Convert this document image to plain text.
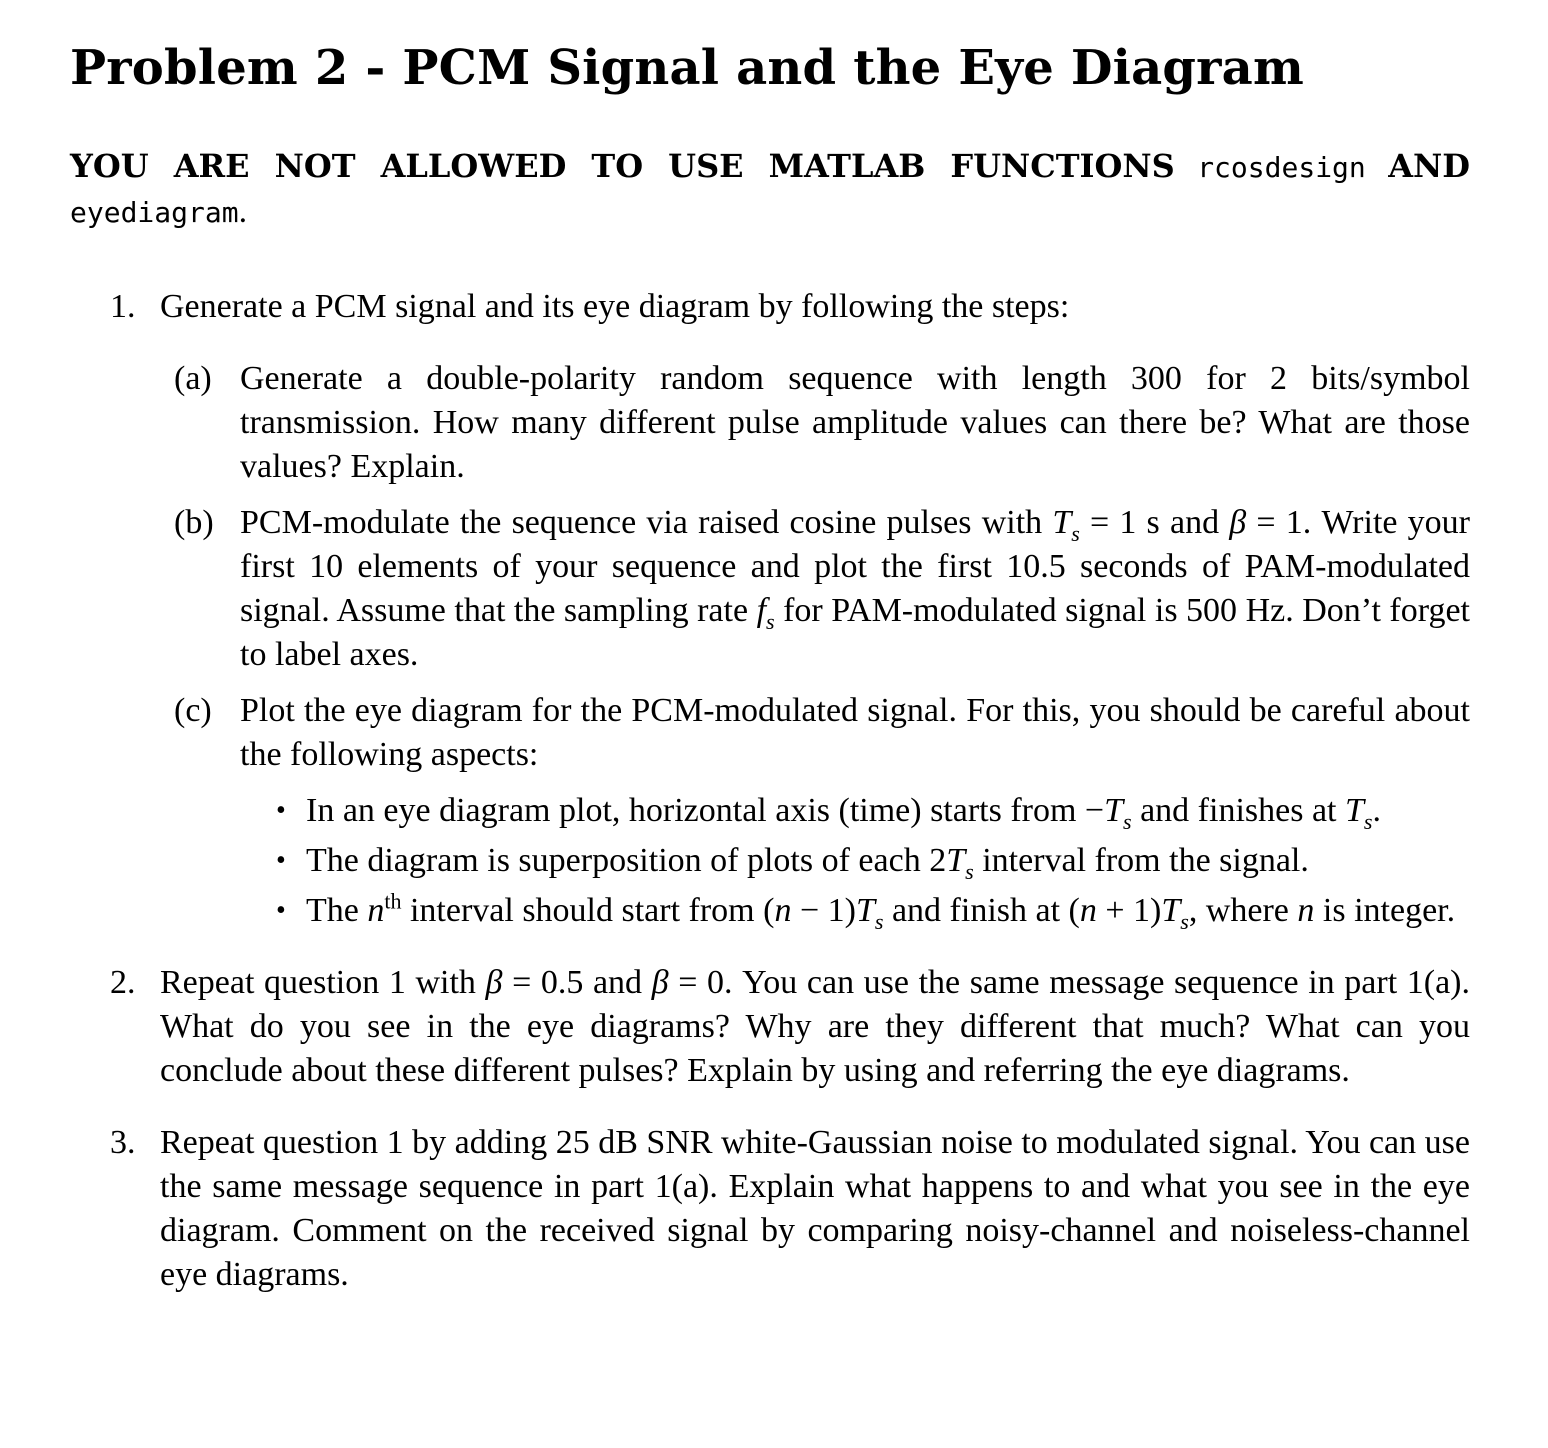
Problem 2 - PCM Signal and the Eye Diagram
YOU ARE NOT ALLOWED TO USE MATLAB FUNCTIONS rcosdesign AND eyediagram.
1. Generate a PCM signal and its eye diagram by following the steps:
(a) Generate a double-polarity random sequence with length 300 for 2 bits/symbol transmission. How many different pulse amplitude values can there be? What are those values? Explain.
(b) PCM-modulate the sequence via raised cosine pulses with $T_s = 1$ s and β = 1. Write your first 10 elements of your sequence and plot the first 10.5 seconds of PAM-modulated signal. Assume that the sampling rate $f_s$ for PAM-modulated signal is 500 Hz. Don’t forget to label axes.
(c) Plot the eye diagram for the PCM-modulated signal. For this, you should be careful about the following aspects:
• In an eye diagram plot, horizontal axis (time) starts from $-T_s$ and finishes at $T_s$.
• The diagram is superposition of plots of each $2T_s$ interval from the signal.
• The $n^{th}$ interval should start from $(n - 1)T_s$ and finish at $(n + 1)T_s$, where n is integer.
2. Repeat question 1 with β = 0.5 and β = 0. You can use the same message sequence in part 1(a). What do you see in the eye diagrams? Why are they different that much? What can you conclude about these different pulses? Explain by using and referring the eye diagrams.
3. Repeat question 1 by adding 25 dB SNR white-Gaussian noise to modulated signal. You can use the same message sequence in part 1(a). Explain what happens to and what you see in the eye diagram. Comment on the received signal by comparing noisy-channel and noiseless-channel eye diagrams.
